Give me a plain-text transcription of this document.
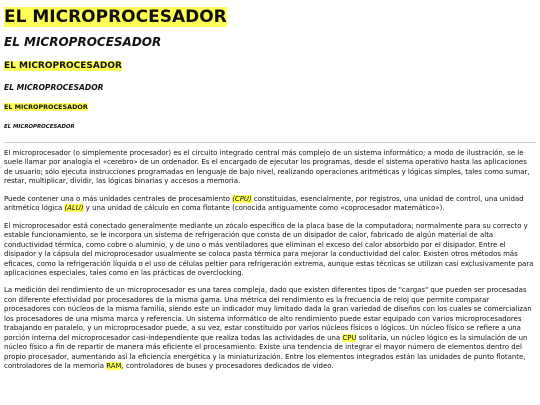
EL MICROPROCESADOR
EL MICROPROCESADOR
EL MICROPROCESADOR
EL MICROPROCESADOR
EL MICROPROCESADOR
EL MICROPROCESADOR

El microprocesador (o simplemente procesador) es el circuito integrado central más complejo de un sistema informático; a modo de ilustración, se le suele llamar por analogía el «cerebro» de un ordenador. Es el encargado de ejecutar los programas, desde el sistema operativo hasta las aplicaciones de usuario; sólo ejecuta instrucciones programadas en lenguaje de bajo nivel, realizando operaciones aritméticas y lógicas simples, tales como sumar, restar, multiplicar, dividir, las lógicas binarias y accesos a memoria.

Puede contener una o más unidades centrales de procesamiento (CPU) constituidas, esencialmente, por registros, una unidad de control, una unidad aritmético lógica (ALU) y una unidad de cálculo en coma flotante (conocida antiguamente como «coprocesador matemático»).

El microprocesador está conectado generalmente mediante un zócalo específico de la placa base de la computadora; normalmente para su correcto y estable funcionamiento, se le incorpora un sistema de refrigeración que consta de un disipador de calor, fabricado de algún material de alta conductividad térmica, como cobre o aluminio, y de uno o más ventiladores que eliminan el exceso del calor absorbido por el disipador. Entre el disipador y la cápsula del microprocesador usualmente se coloca pasta térmica para mejorar la conductividad del calor. Existen otros métodos más eficaces, como la refrigeración líquida o el uso de células peltier para refrigeración extrema, aunque estas técnicas se utilizan casi exclusivamente para aplicaciones especiales, tales como en las prácticas de overclocking.

La medición del rendimiento de un microprocesador es una tarea compleja, dado que existen diferentes tipos de "cargas" que pueden ser procesadas con diferente efectividad por procesadores de la misma gama. Una métrica del rendimiento es la frecuencia de reloj que permite comparar procesadores con núcleos de la misma familia, siendo este un indicador muy limitado dada la gran variedad de diseños con los cuales se comercializan los procesadores de una misma marca y referencia. Un sistema informático de alto rendimiento puede estar equipado con varios microprocesadores trabajando en paralelo, y un microprocesador puede, a su vez, estar constituido por varios núcleos físicos o lógicos. Un núcleo físico se refiere a una porción interna del microprocesador casi-independiente que realiza todas las actividades de una CPU solitaria, un núcleo lógico es la simulación de un núcleo físico a fin de repartir de manera más eficiente el procesamiento. Existe una tendencia de integrar el mayor número de elementos dentro del propio procesador, aumentando así la eficiencia energética y la miniaturización. Entre los elementos integrados están las unidades de punto flotante, controladores de la memoria RAM, controladores de buses y procesadores dedicados de video.
